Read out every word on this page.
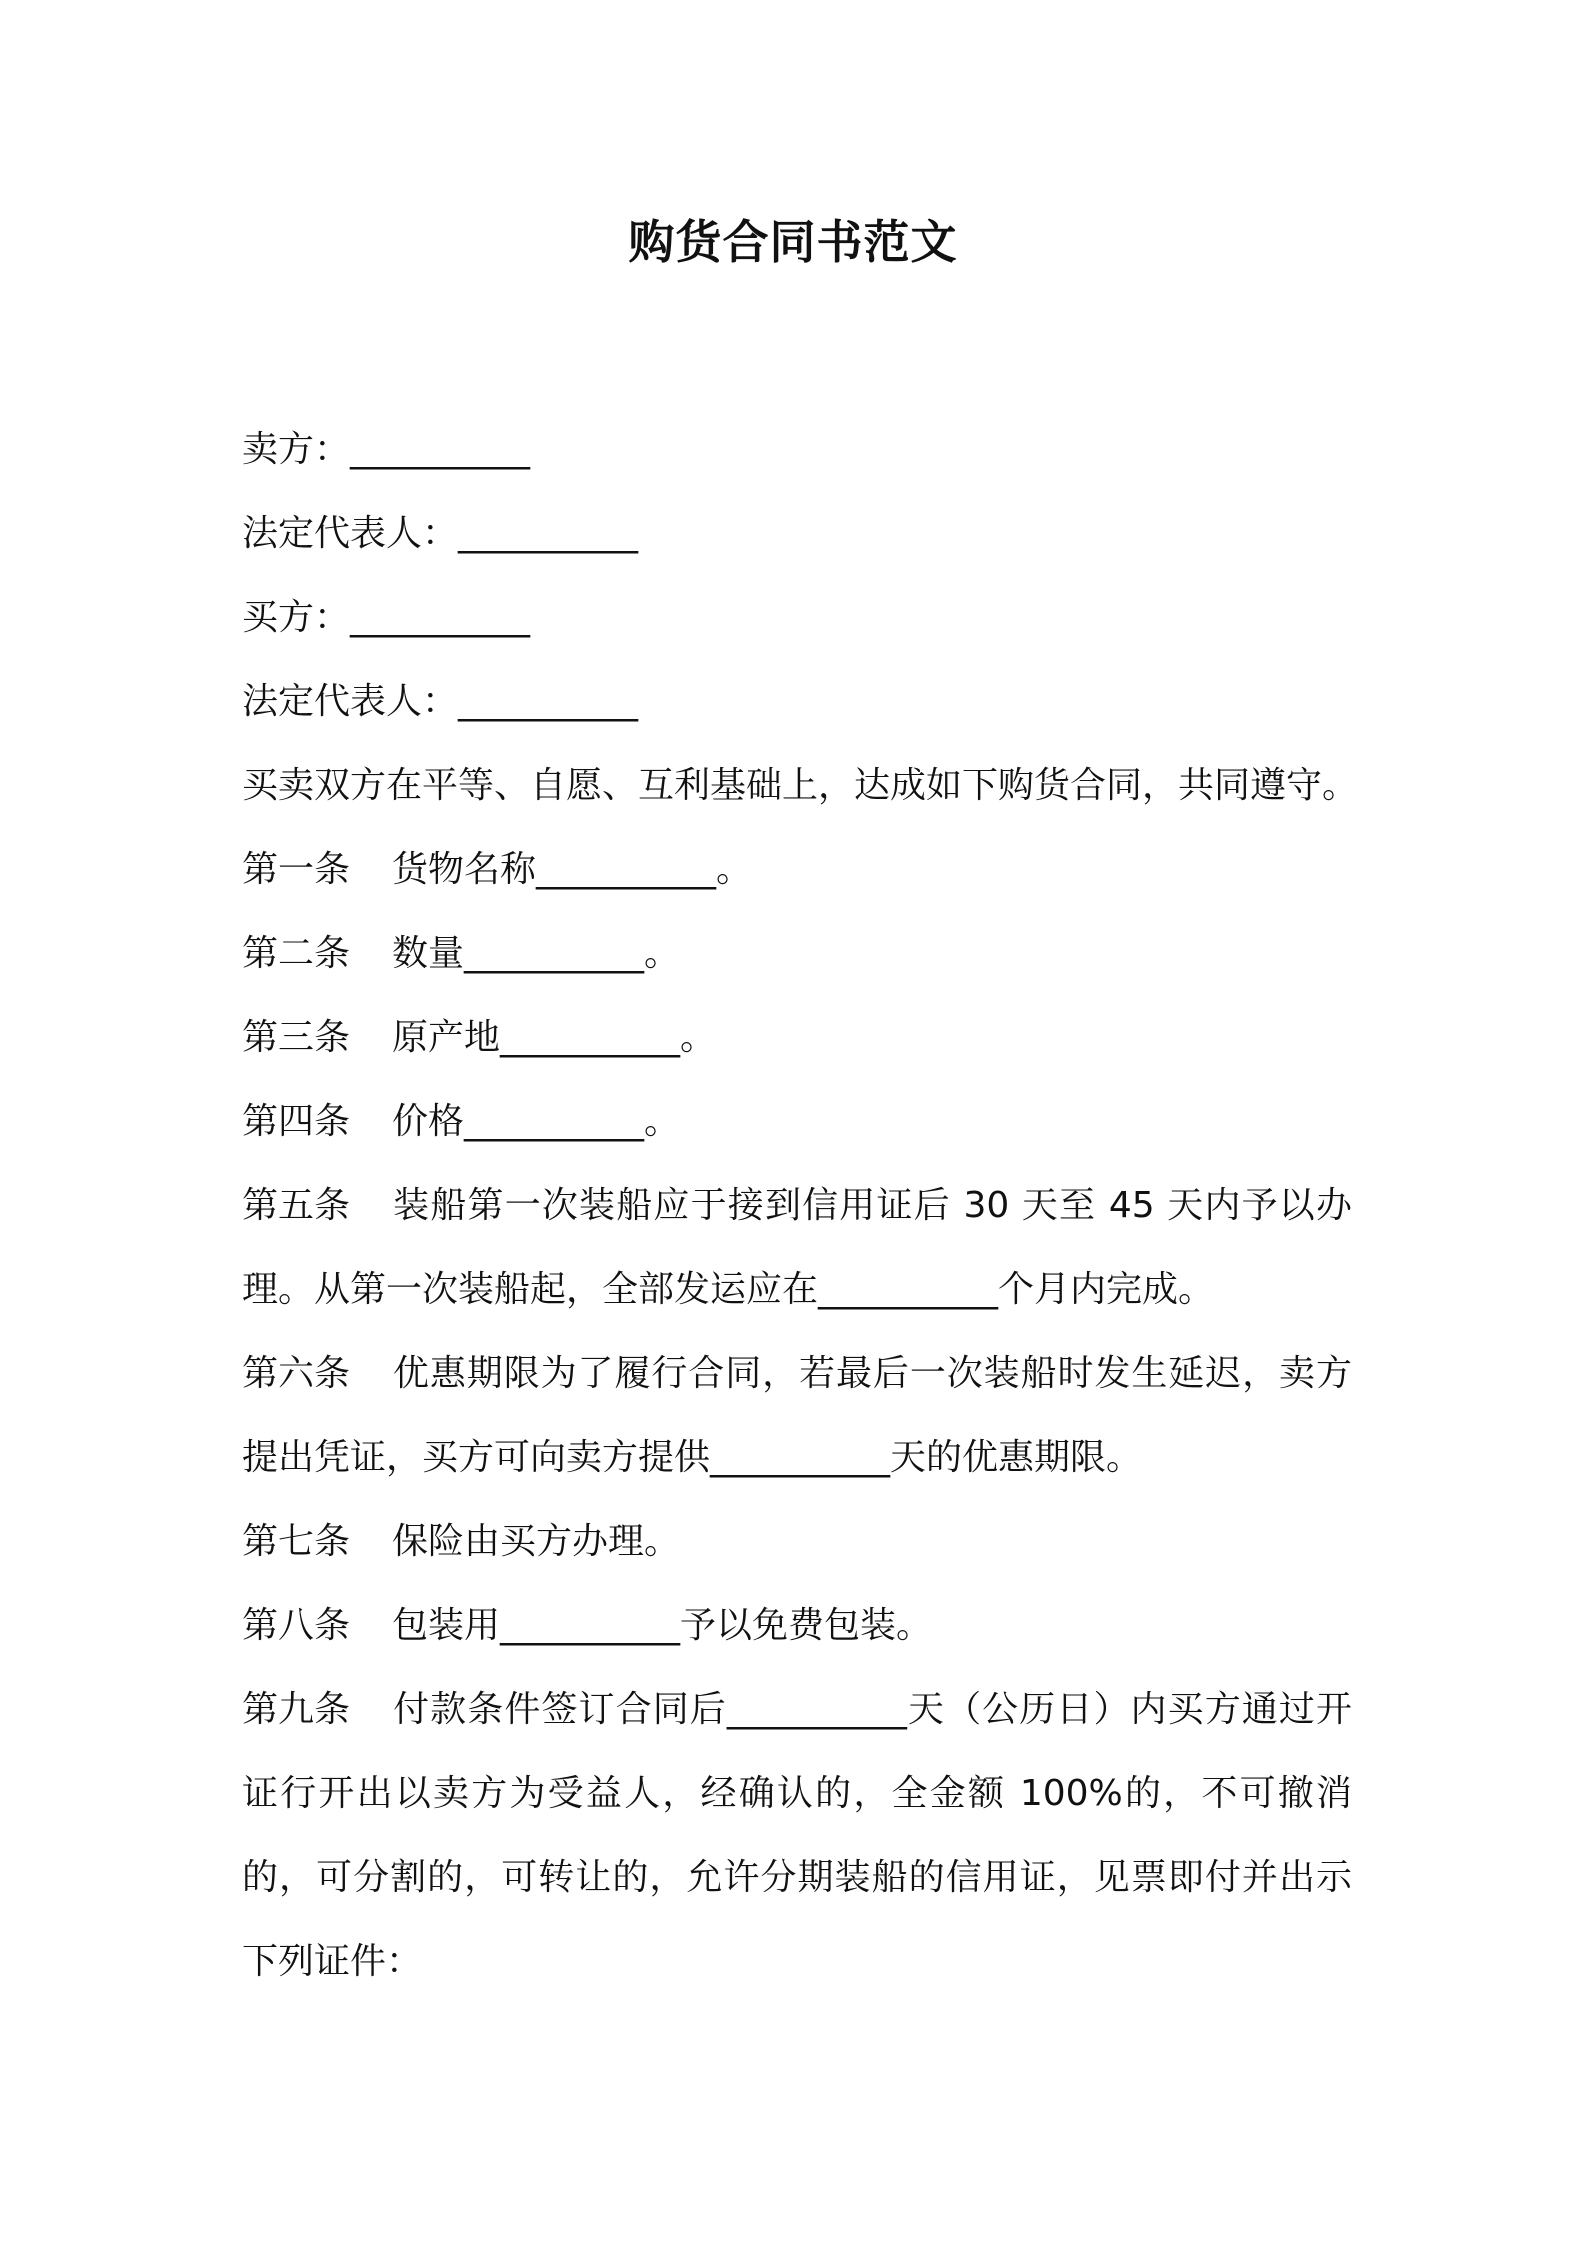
购货合同书范文
卖方：__________
法定代表人：__________
买方：__________
法定代表人：__________
买卖双方在平等、自愿、互利基础上，达成如下购货合同，共同遵守。
第一条 货物名称__________。
第二条 数量__________。
第三条 原产地__________。
第四条 价格__________。
第五条 装船第一次装船应于接到信用证后 30 天至 45 天内予以办理。从第一次装船起，全部发运应在__________个月内完成。
第六条 优惠期限为了履行合同，若最后一次装船时发生延迟，卖方提出凭证，买方可向卖方提供__________天的优惠期限。
第七条 保险由买方办理。
第八条 包装用__________予以免费包装。
第九条 付款条件签订合同后__________天（公历日）内买方通过开证行开出以卖方为受益人，经确认的，全金额 100%的，不可撤消的，可分割的，可转让的，允许分期装船的信用证，见票即付并出示下列证件：
